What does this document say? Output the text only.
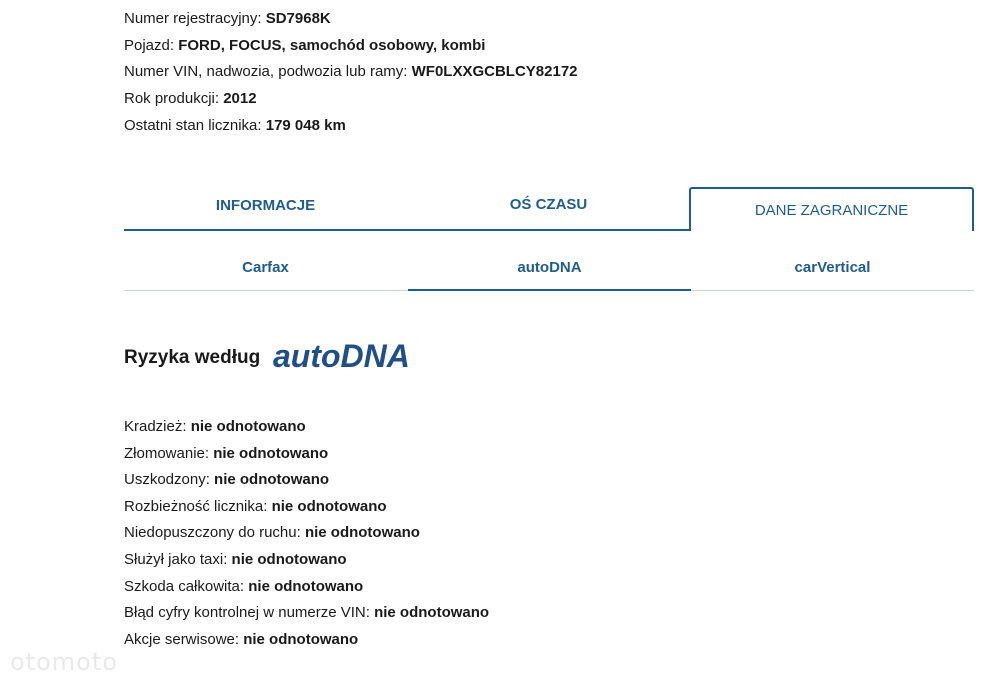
Numer rejestracyjny: SD7968K
Pojazd: FORD, FOCUS, samochód osobowy, kombi
Numer VIN, nadwozia, podwozia lub ramy: WF0LXXGCBLCY82172
Rok produkcji: 2012
Ostatni stan licznika: 179 048 km
INFORMACJE	OŚ CZASU	DANE ZAGRANICZNE
Carfax	autoDNA	carVertical
Ryzyka według autoDNA
Kradzież: nie odnotowano
Złomowanie: nie odnotowano
Uszkodzony: nie odnotowano
Rozbieżność licznika: nie odnotowano
Niedopuszczony do ruchu: nie odnotowano
Służył jako taxi: nie odnotowano
Szkoda całkowita: nie odnotowano
Błąd cyfry kontrolnej w numerze VIN: nie odnotowano
Akcje serwisowe: nie odnotowano
otomoto
